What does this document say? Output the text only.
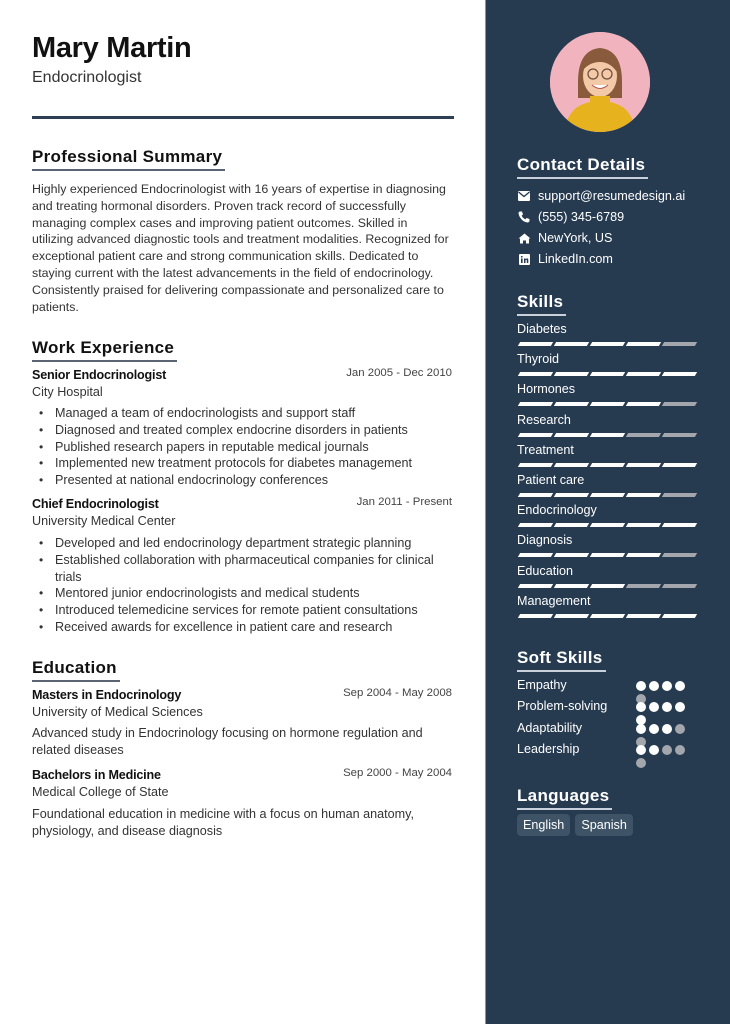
Mary Martin
Endocrinologist
Professional Summary
Highly experienced Endocrinologist with 16 years of expertise in diagnosing and treating hormonal disorders. Proven track record of successfully managing complex cases and improving patient outcomes. Skilled in utilizing advanced diagnostic tools and treatment modalities. Recognized for exceptional patient care and strong communication skills. Dedicated to staying current with the latest advancements in the field of endocrinology. Consistently praised for delivering compassionate and personalized care to patients.
Work Experience
Senior Endocrinologist	Jan 2005 - Dec 2010
City Hospital
• Managed a team of endocrinologists and support staff
• Diagnosed and treated complex endocrine disorders in patients
• Published research papers in reputable medical journals
• Implemented new treatment protocols for diabetes management
• Presented at national endocrinology conferences
Chief Endocrinologist	Jan 2011 - Present
University Medical Center
• Developed and led endocrinology department strategic planning
• Established collaboration with pharmaceutical companies for clinical trials
• Mentored junior endocrinologists and medical students
• Introduced telemedicine services for remote patient consultations
• Received awards for excellence in patient care and research
Education
Masters in Endocrinology	Sep 2004 - May 2008
University of Medical Sciences
Advanced study in Endocrinology focusing on hormone regulation and related diseases
Bachelors in Medicine	Sep 2000 - May 2004
Medical College of State
Foundational education in medicine with a focus on human anatomy, physiology, and disease diagnosis
Contact Details
support@resumedesign.ai
(555) 345-6789
NewYork, US
LinkedIn.com
Skills
Diabetes
Thyroid
Hormones
Research
Treatment
Patient care
Endocrinology
Diagnosis
Education
Management
Soft Skills
Empathy
Problem-solving
Adaptability
Leadership
Languages
English	Spanish
